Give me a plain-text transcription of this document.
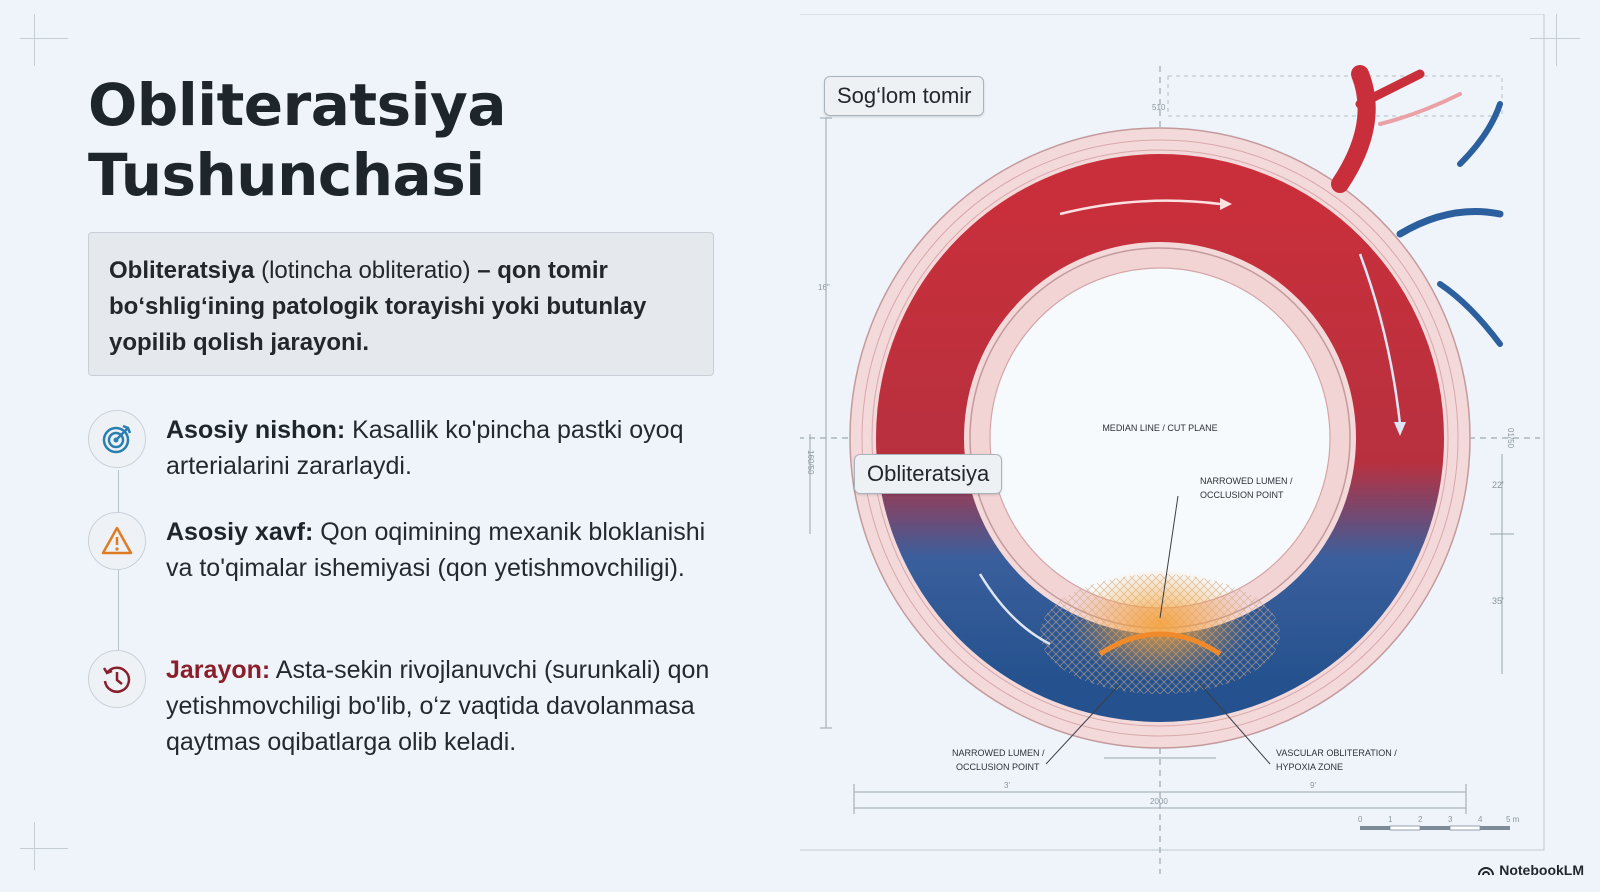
Obliteratsiya
Tushunchasi
Obliteratsiya (lotincha obliteratio) – qon tomir bo‘shlig‘ining patologik torayishi yoki butunlay yopilib qolish jarayoni.
Asosiy nishon: Kasallik ko'pincha pastki oyoq arterialarini zararlaydi.
Asosiy xavf: Qon oqimining mexanik bloklanishi va to'qimalar ishemiyasi (qon yetishmovchiligi).
Jarayon: Asta-sekin rivojlanuvchi (surunkali) qon yetishmovchiligi bo'lib, o‘z vaqtida davolanmasa qaytmas oqibatlarga olib keladi.
MEDIAN LINE / CUT PLANE
NARROWED LUMEN /
OCCLUSION POINT
NARROWED LUMEN /
OCCLUSION POINT
VASCULAR OBLITERATION /
HYPOXIA ZONE
510
16"
160/50
01/50
22'
35'
3'	9'
2000
0	1	2	3	4	5 m
Sog‘lom tomir
Obliteratsiya
NotebookLM
